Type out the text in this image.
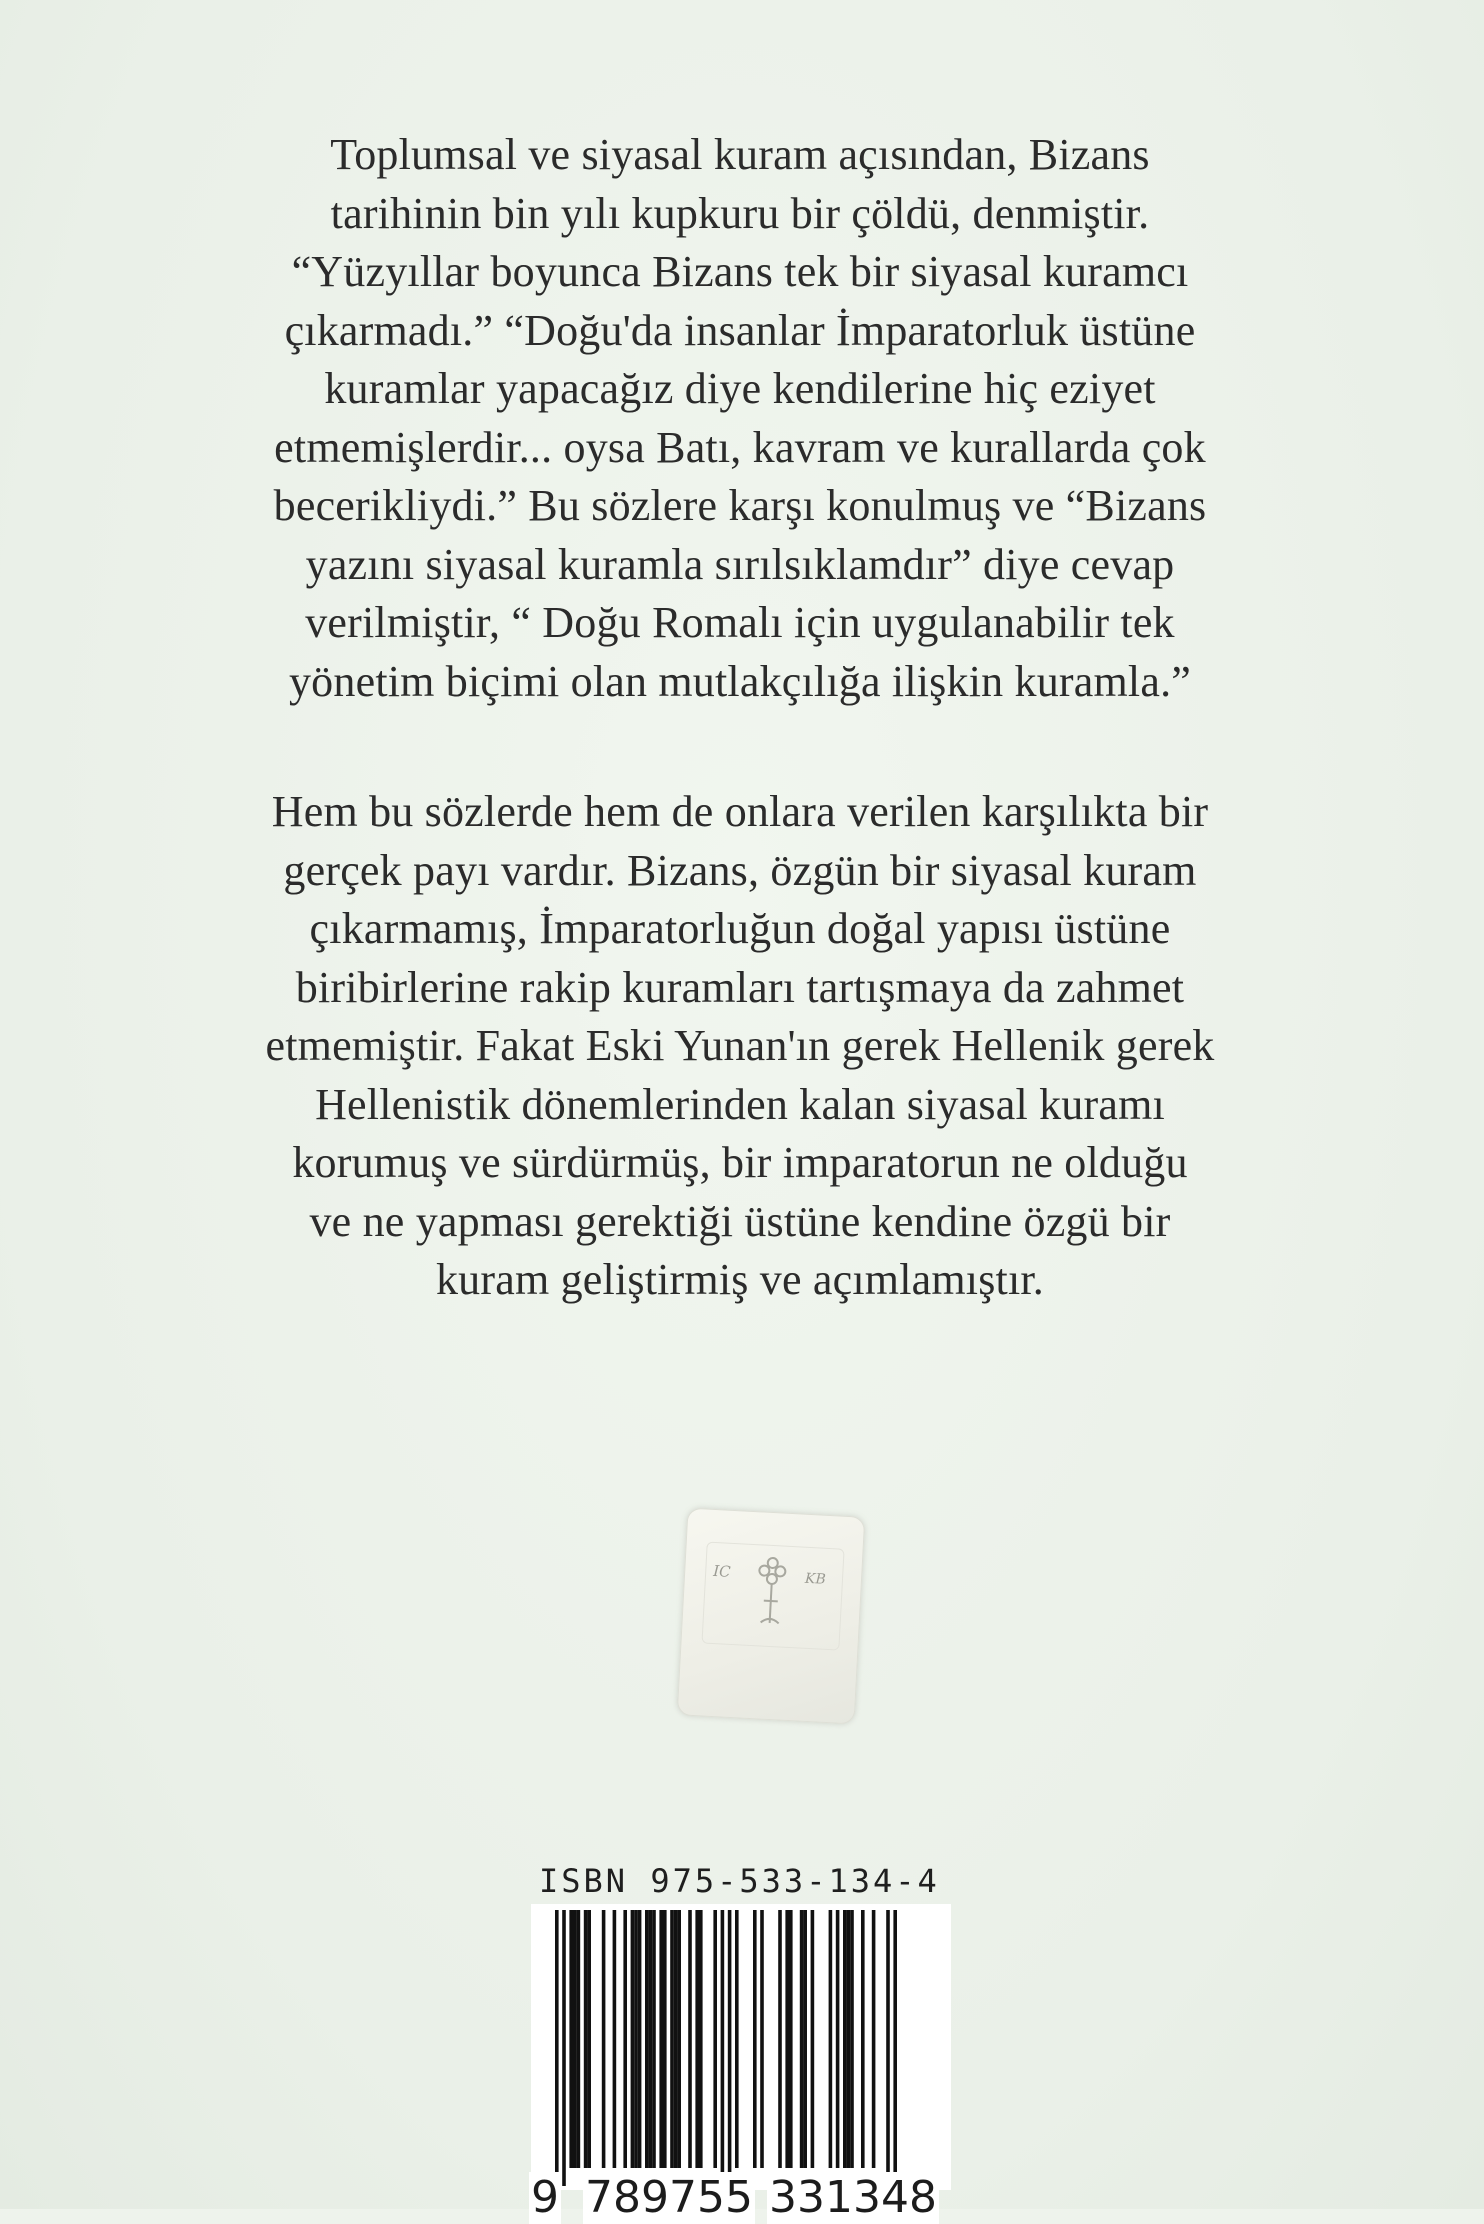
Toplumsal ve siyasal kuram açısından, Bizans
tarihinin bin yılı kupkuru bir çöldü, denmiştir.
“Yüzyıllar boyunca Bizans tek bir siyasal kuramcı
çıkarmadı.” “Doğu'da insanlar İmparatorluk üstüne
kuramlar yapacağız diye kendilerine hiç eziyet
etmemişlerdir... oysa Batı, kavram ve kurallarda çok
becerikliydi.” Bu sözlere karşı konulmuş ve “Bizans
yazını siyasal kuramla sırılsıklamdır” diye cevap
verilmiştir, “ Doğu Romalı için uygulanabilir tek
yönetim biçimi olan mutlakçılığa ilişkin kuramla.”
Hem bu sözlerde hem de onlara verilen karşılıkta bir
gerçek payı vardır. Bizans, özgün bir siyasal kuram
çıkarmamış, İmparatorluğun doğal yapısı üstüne
biribirlerine rakip kuramları tartışmaya da zahmet
etmemiştir. Fakat Eski Yunan'ın gerek Hellenik gerek
Hellenistik dönemlerinden kalan siyasal kuramı
korumuş ve sürdürmüş, bir imparatorun ne olduğu
ve ne yapması gerektiği üstüne kendine özgü bir
kuram geliştirmiş ve açımlamıştır.
IC	KB
ISBN 975-533-134-4
9 789755 331348
